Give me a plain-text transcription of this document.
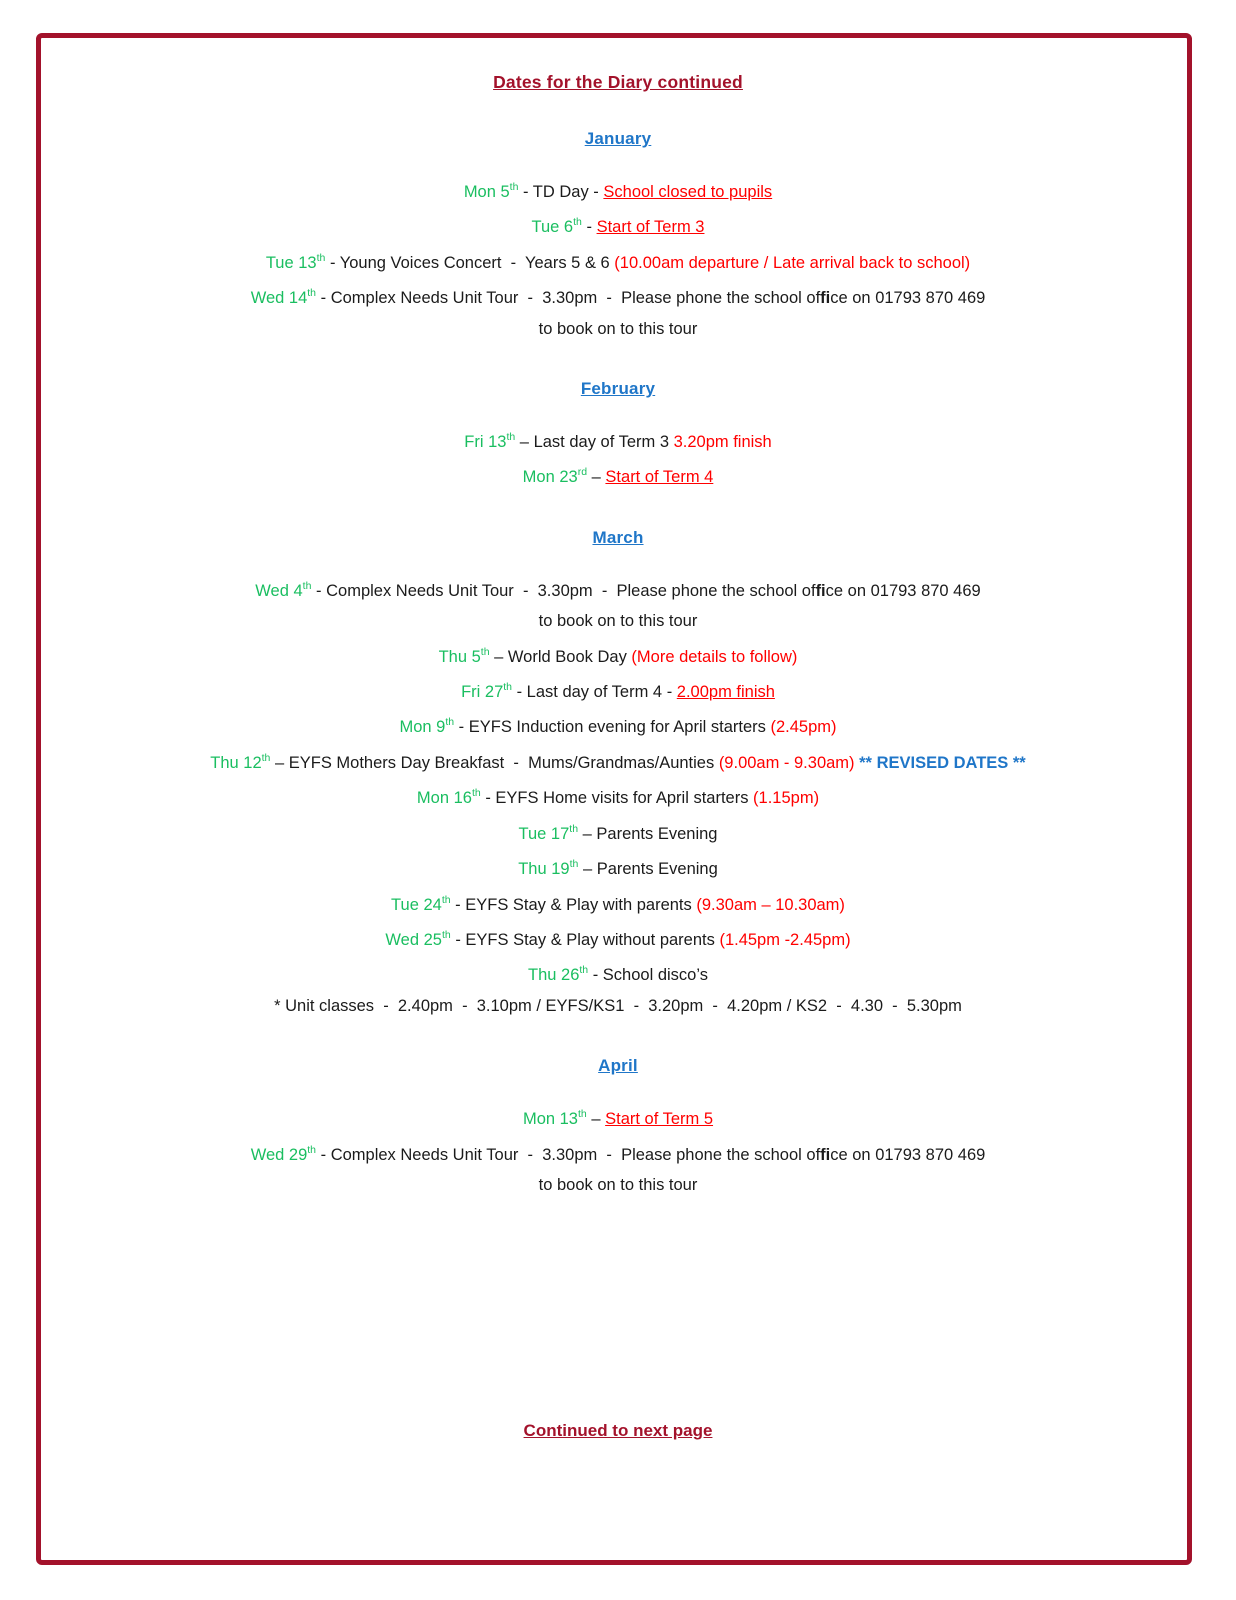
Dates for the Diary continued
January

Mon 5th - TD Day - School closed to pupils

Tue 6th - Start of Term 3

Tue 13th - Young Voices Concert  -  Years 5 & 6 (10.00am departure / Late arrival back to school)

Wed 14th - Complex Needs Unit Tour  -  3.30pm  -  Please phone the school office on 01793 870 469

to book on to this tour

February

Fri 13th – Last day of Term 3 3.20pm finish

Mon 23rd – Start of Term 4

March

Wed 4th - Complex Needs Unit Tour  -  3.30pm  -  Please phone the school office on 01793 870 469

to book on to this tour

Thu 5th – World Book Day (More details to follow)

Fri 27th - Last day of Term 4 - 2.00pm finish

Mon 9th - EYFS Induction evening for April starters (2.45pm)

Thu 12th – EYFS Mothers Day Breakfast  -  Mums/Grandmas/Aunties (9.00am - 9.30am) ** REVISED DATES **

Mon 16th - EYFS Home visits for April starters (1.15pm)

Tue 17th – Parents Evening

Thu 19th – Parents Evening

Tue 24th - EYFS Stay & Play with parents (9.30am – 10.30am)

Wed 25th - EYFS Stay & Play without parents (1.45pm -2.45pm)

Thu 26th - School disco’s

* Unit classes  -  2.40pm  -  3.10pm / EYFS/KS1  -  3.20pm  -  4.20pm / KS2  -  4.30  -  5.30pm

April

Mon 13th – Start of Term 5

Wed 29th - Complex Needs Unit Tour  -  3.30pm  -  Please phone the school office on 01793 870 469

to book on to this tour

Continued to next page
